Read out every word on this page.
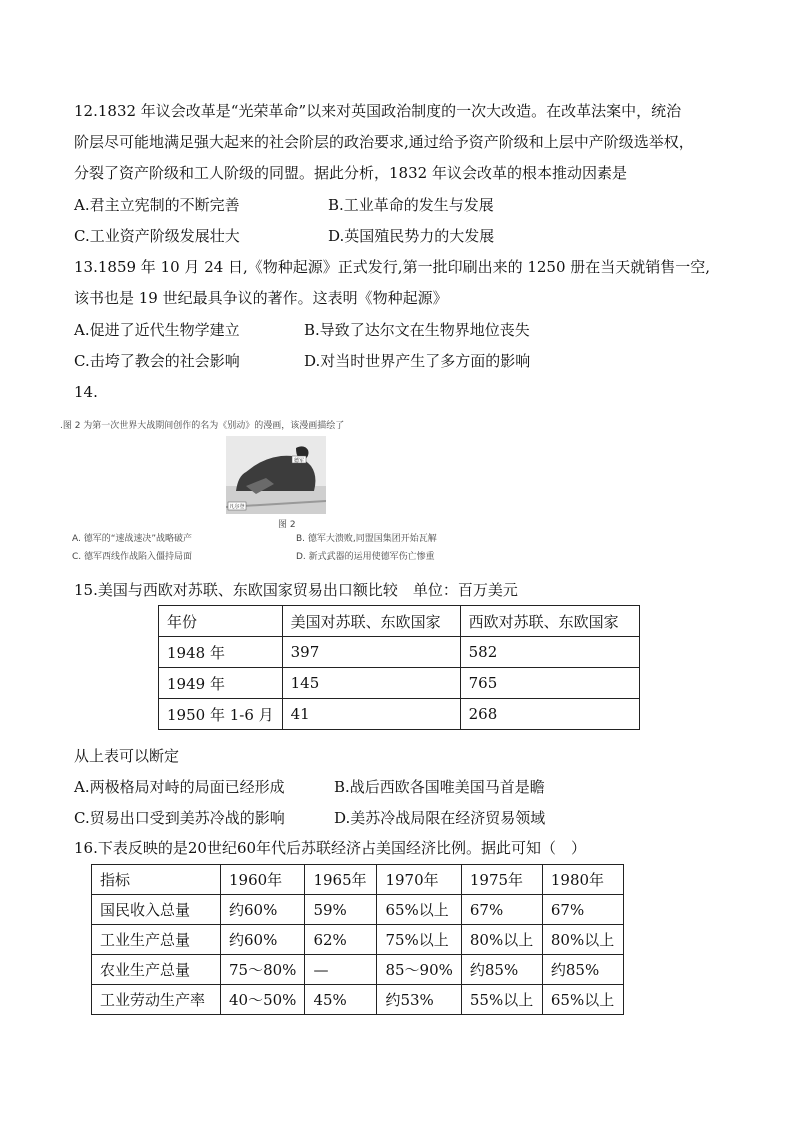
12.1832 年议会改革是“光荣革命”以来对英国政治制度的一次大改造。在改革法案中，统治
阶层尽可能地满足强大起来的社会阶层的政治要求,通过给予资产阶级和上层中产阶级选举权，
分裂了资产阶级和工人阶级的同盟。据此分析，1832 年议会改革的根本推动因素是
A.君主立宪制的不断完善	B.工业革命的发生与发展
C.工业资产阶级发展壮大	D.英国殖民势力的大发展
13.1859 年 10 月 24 日,《物种起源》正式发行,第一批印刷出来的 1250 册在当天就销售一空,
该书也是 19 世纪最具争议的著作。这表明《物种起源》
A.促进了近代生物学建立	B.导致了达尔文在生物界地位丧失
C.击垮了教会的社会影响	D.对当时世界产生了多方面的影响
14.
.图 2 为第一次世界大战期间创作的名为《别动》的漫画，该漫画描绘了
德军
凡尔登
图 2
A. 德军的“速战速决”战略破产	B. 德军大溃败,同盟国集团开始瓦解
C. 德军西线作战陷入僵持局面	D. 新式武器的运用使德军伤亡惨重
15.美国与西欧对苏联、东欧国家贸易出口额比较　单位：百万美元
年份	美国对苏联、东欧国家	西欧对苏联、东欧国家
1948 年	397	582
1949 年	145	765
1950 年 1-6 月	41	268
从上表可以断定
A.两极格局对峙的局面已经形成	B.战后西欧各国唯美国马首是瞻
C.贸易出口受到美苏冷战的影响	D.美苏冷战局限在经济贸易领域
16.下表反映的是20世纪60年代后苏联经济占美国经济比例。据此可知（　）
指标	1960年	1965年	1970年	1975年	1980年
国民收入总量	约60%	59%	65%以上	67%	67%
工业生产总量	约60%	62%	75%以上	80%以上	80%以上
农业生产总量	75～80%	—	85～90%	约85%	约85%
工业劳动生产率	40～50%	45%	约53%	55%以上	65%以上
